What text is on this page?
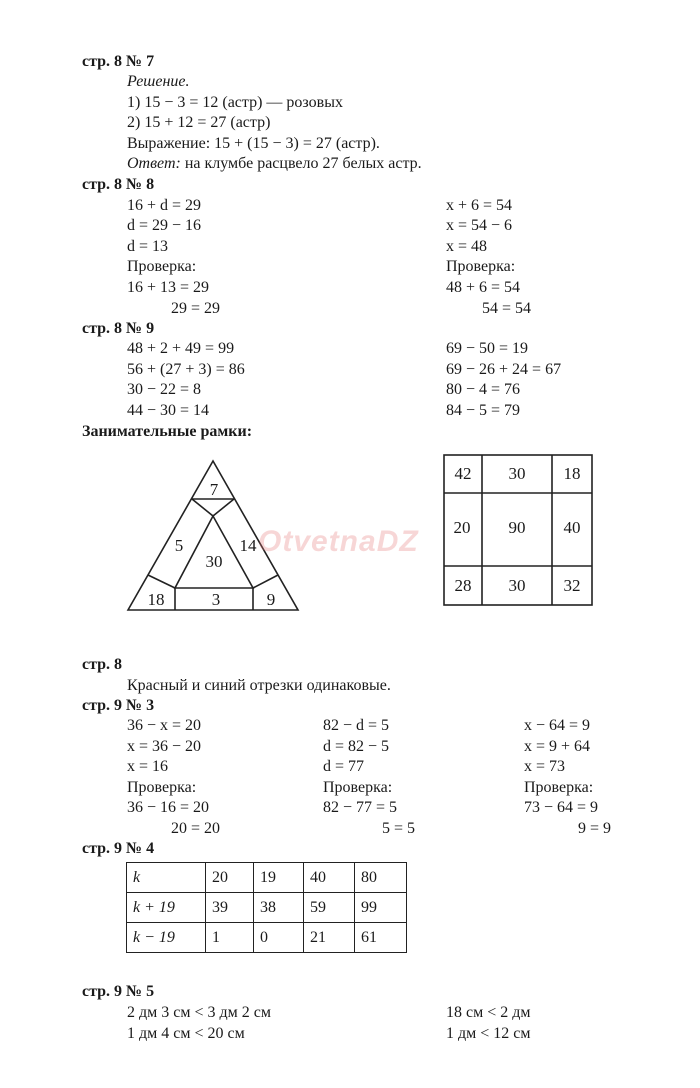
стр. 8 № 7
Решение.
1) 15 − 3 = 12 (астр) — розовых
2) 15 + 12 = 27 (астр)
Выражение: 15 + (15 − 3) = 27 (астр).
Ответ: на клумбе расцвело 27 белых астр.
стр. 8 № 8
16 + d = 29
d = 29 − 16
d = 13
Проверка:
16 + 13 = 29
29 = 29
x + 6 = 54
x = 54 − 6
x = 48
Проверка:
48 + 6 = 54
54 = 54
стр. 8 № 9
48 + 2 + 49 = 99
56 + (27 + 3) = 86
30 − 22 = 8
44 − 30 = 14
69 − 50 = 19
69 − 26 + 24 = 67
80 − 4 = 76
84 − 5 = 79
Занимательные рамки:
7
5	14
30
18	3	9
42 30 18
20 90 40
28 30 32
OtvetnaDZ
стр. 8
Красный и синий отрезки одинаковые.
стр. 9 № 3
36 − x = 20
x = 36 − 20
x = 16
Проверка:
36 − 16 = 20
20 = 20
82 − d = 5
d = 82 − 5
d = 77
Проверка:
82 − 77 = 5
5 = 5
x − 64 = 9
x = 9 + 64
x = 73
Проверка:
73 − 64 = 9
9 = 9
стр. 9 № 4
k	20	19	40	80
k + 19	39	38	59	99
k − 19	1	0	21	61
стр. 9 № 5
2 дм 3 см < 3 дм 2 см
1 дм 4 см < 20 см
18 см < 2 дм
1 дм < 12 см
